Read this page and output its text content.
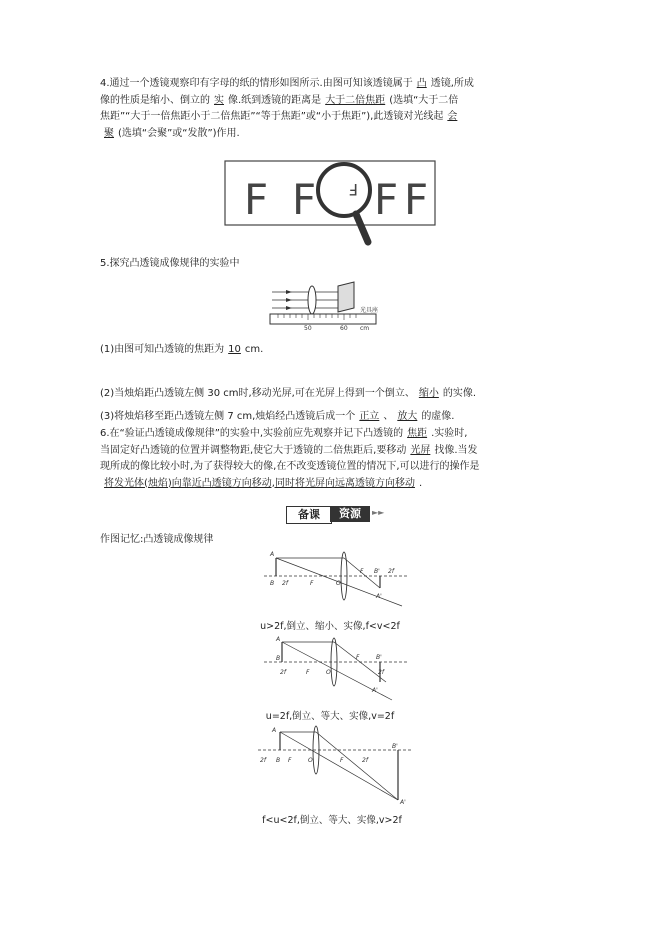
4.通过一个透镜观察印有字母的纸的情形如图所示.由图可知该透镜属于 凸 透镜,所成
像的性质是缩小、倒立的 实 像.纸到透镜的距离是 大于二倍焦距 (选填“大于二倍
焦距”“大于一倍焦距小于二倍焦距”“等于焦距”或“小于焦距”),此透镜对光线起 会
聚 (选填“会聚”或“发散”)作用.
F F F F F
5.探究凸透镜成像规律的实验中
50	60 cm
光具座
(1)由图可知凸透镜的焦距为 10 cm.
(2)当烛焰距凸透镜左侧 30 cm时,移动光屏,可在光屏上得到一个倒立、 缩小 的实像.
(3)将烛焰移至距凸透镜左侧 7 cm,烛焰经凸透镜后成一个 正立 、 放大 的虚像.
6.在“验证凸透镜成像规律”的实验中,实验前应先观察并记下凸透镜的 焦距 .实验时,
当固定好凸透镜的位置并调整物距,使它大于透镜的二倍焦距后,要移动 光屏 找像.当发
现所成的像比较小时,为了获得较大的像,在不改变透镜位置的情况下,可以进行的操作是
将发光体(烛焰)向靠近凸透镜方向移动,同时将光屏向远离透镜方向移动 .
备课	资源	►►
作图记忆:凸透镜成像规律
A
B 2f	F	O
F B' 2f
A'
u>2f,倒立、缩小、实像,f<v<2f
A
B
2f	F	O
F	B'
2f
A'
u=2f,倒立、等大、实像,v=2f
A
B
2f	F	O	F
B'
2f
A'
f<u<2f,倒立、等大、实像,v>2f
